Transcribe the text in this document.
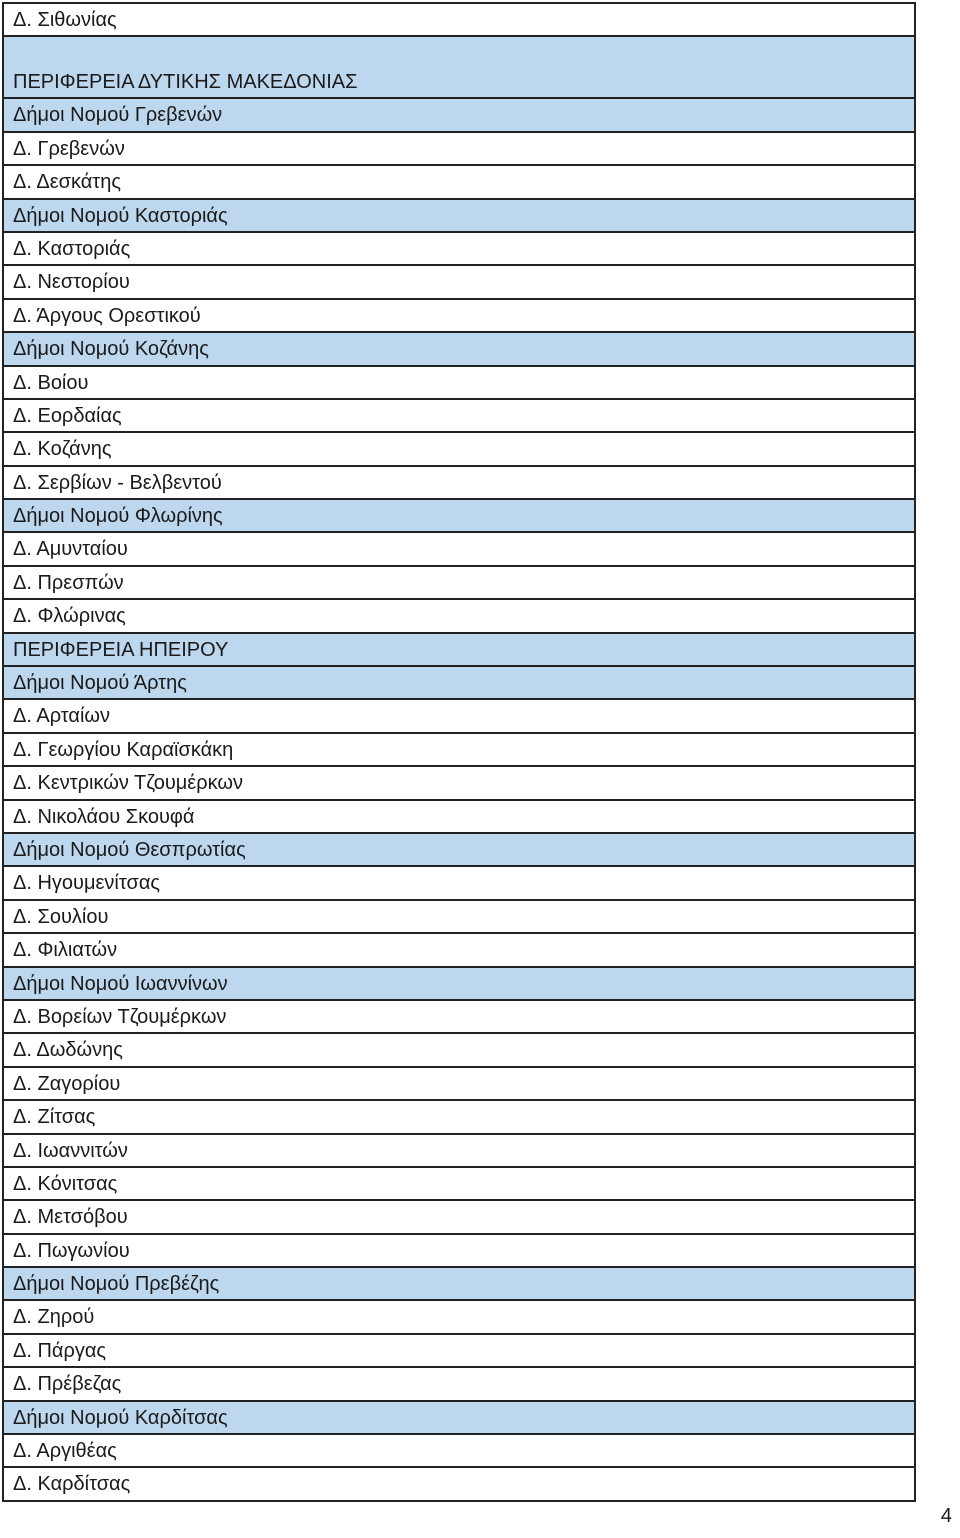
Δ. Σιθωνίας
ΠΕΡΙΦΕΡΕΙΑ ΔΥΤΙΚΗΣ ΜΑΚΕΔΟΝΙΑΣ
Δήμοι Νομού Γρεβενών
Δ. Γρεβενών
Δ. Δεσκάτης
Δήμοι Νομού Καστοριάς
Δ. Καστοριάς
Δ. Νεστορίου
Δ. Άργους Ορεστικού
Δήμοι Νομού Κοζάνης
Δ. Βοίου
Δ. Εορδαίας
Δ. Κοζάνης
Δ. Σερβίων - Βελβεντού
Δήμοι Νομού Φλωρίνης
Δ. Αμυνταίου
Δ. Πρεσπών
Δ. Φλώρινας
ΠΕΡΙΦΕΡΕΙΑ ΗΠΕΙΡΟΥ
Δήμοι Νομού Άρτης
Δ. Αρταίων
Δ. Γεωργίου Καραϊσκάκη
Δ. Κεντρικών Τζουμέρκων
Δ. Νικολάου Σκουφά
Δήμοι Νομού Θεσπρωτίας
Δ. Ηγουμενίτσας
Δ. Σουλίου
Δ. Φιλιατών
Δήμοι Νομού Ιωαννίνων
Δ. Βορείων Τζουμέρκων
Δ. Δωδώνης
Δ. Ζαγορίου
Δ. Ζίτσας
Δ. Ιωαννιτών
Δ. Κόνιτσας
Δ. Μετσόβου
Δ. Πωγωνίου
Δήμοι Νομού Πρεβέζης
Δ. Ζηρού
Δ. Πάργας
Δ. Πρέβεζας
Δήμοι Νομού Καρδίτσας
Δ. Αργιθέας
Δ. Καρδίτσας
4
